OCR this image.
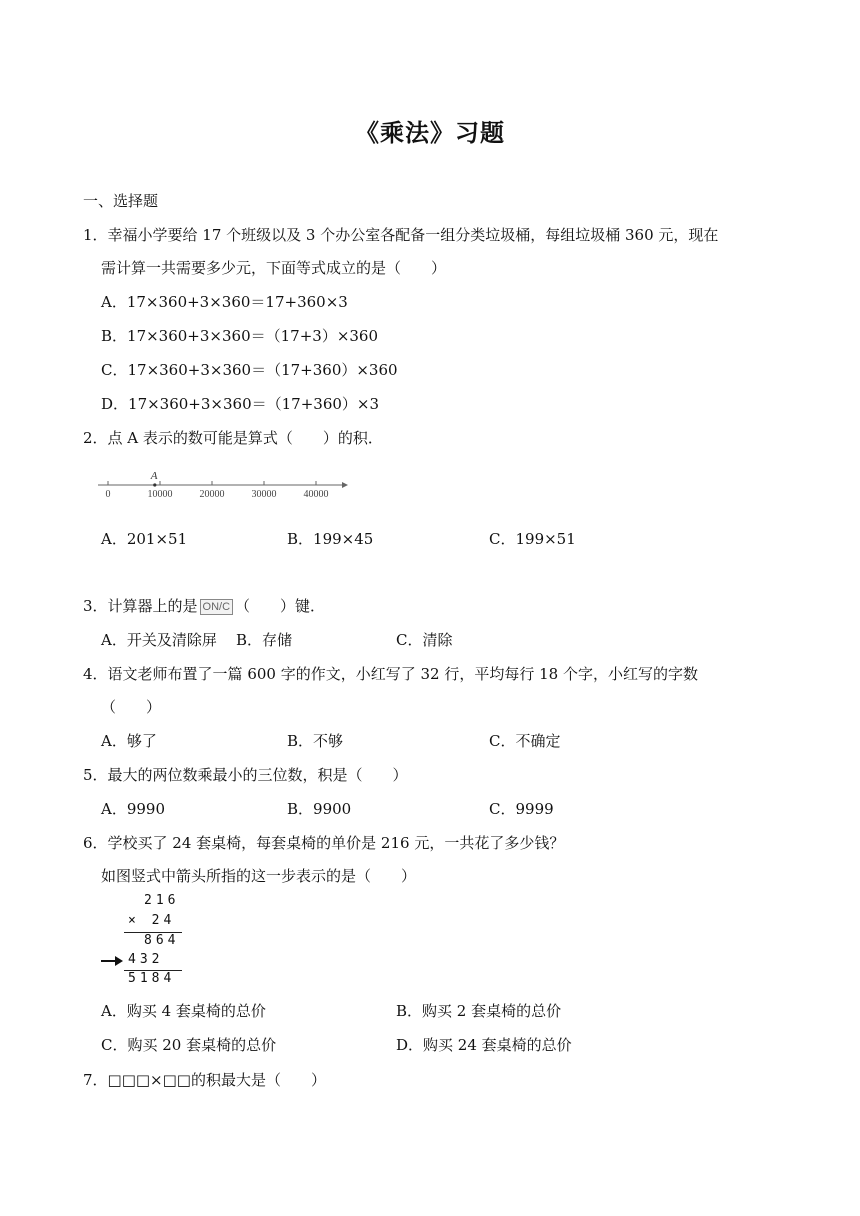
《乘法》习题
一、选择题
1．幸福小学要给 17 个班级以及 3 个办公室各配备一组分类垃圾桶，每组垃圾桶 360 元，现在
需计算一共需要多少元，下面等式成立的是（　　）
A．17×360+3×360＝17+360×3
B．17×360+3×360＝（17+3）×360
C．17×360+3×360＝（17+360）×360
D．17×360+3×360＝（17+360）×3
2．点 A 表示的数可能是算式（　　）的积．
0	10000	20000	30000	40000
A
A．201×51	B．199×45	C．199×51
3．计算器上的是 ON/C （　　）键．
A．开关及清除屏 B．存储	C．清除
4．语文老师布置了一篇 600 字的作文，小红写了 32 行，平均每行 18 个字，小红写的字数
（　　）
A．够了	B．不够	C．不确定
5．最大的两位数乘最小的三位数，积是（　　）
A．9990	B．9900	C．9999
6．学校买了 24 套桌椅，每套桌椅的单价是 216 元，一共花了多少钱？
如图竖式中箭头所指的这一步表示的是（　　）
216
× 24
864
432
5184
A．购买 4 套桌椅的总价	B．购买 2 套桌椅的总价
C．购买 20 套桌椅的总价	D．购买 24 套桌椅的总价
7．□□□×□□的积最大是（　　）
